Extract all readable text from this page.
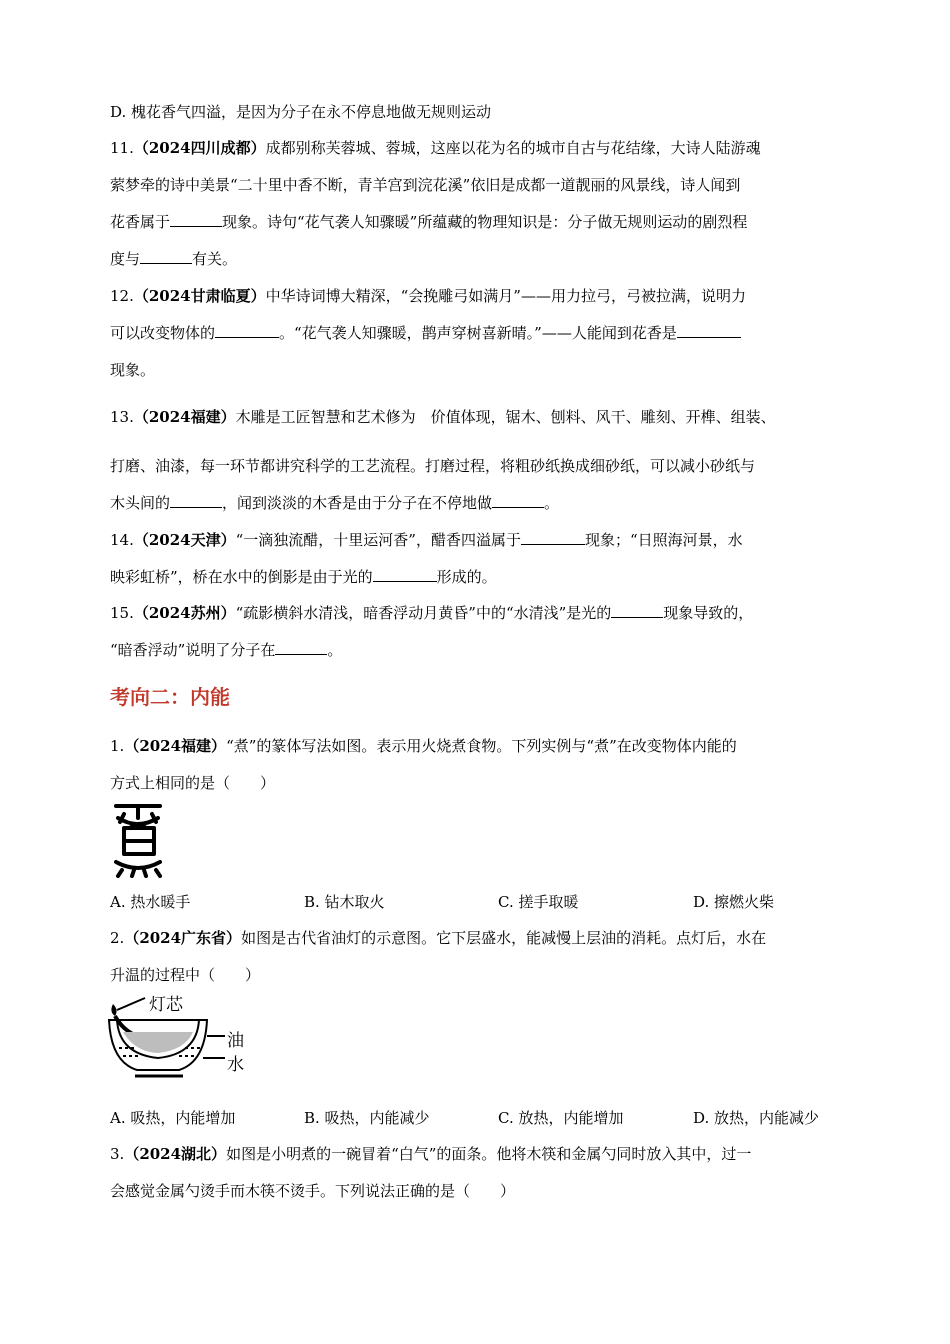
D. 槐花香气四溢，是因为分子在永不停息地做无规则运动
11.（2024四川成都）成都别称芙蓉城、蓉城，这座以花为名的城市自古与花结缘，大诗人陆游魂
萦梦牵的诗中美景“二十里中香不断，青羊宫到浣花溪”依旧是成都一道靓丽的风景线，诗人闻到
花香属于	现象。诗句“花气袭人知骤暖”所蕴藏的物理知识是：分子做无规则运动的剧烈程
度与	有关。
12.（2024甘肃临夏）中华诗词博大精深，“会挽雕弓如满月”——用力拉弓，弓被拉满，说明力
可以改变物体的	。“花气袭人知骤暖，鹊声穿树喜新晴。”——人能闻到花香是
现象。
13.（2024福建）木雕是工匠智慧和艺术修为　价值体现，锯木、刨料、风干、雕刻、开榫、组装、
打磨、油漆，每一环节都讲究科学的工艺流程。打磨过程，将粗砂纸换成细砂纸，可以减小砂纸与
木头间的	，闻到淡淡的木香是由于分子在不停地做	。
14.（2024天津）“一滴独流醋，十里运河香”，醋香四溢属于	现象；“日照海河景，水
映彩虹桥”，桥在水中的倒影是由于光的	形成的。
15.（2024苏州）“疏影横斜水清浅，暗香浮动月黄昏”中的“水清浅”是光的	现象导致的，
“暗香浮动”说明了分子在	。
考向二：内能
1.（2024福建）“煮”的篆体写法如图。表示用火烧煮食物。下列实例与“煮”在改变物体内能的
方式上相同的是（　　）
A. 热水暖手	B. 钻木取火	C. 搓手取暖	D. 擦燃火柴
2.（2024广东省）如图是古代省油灯的示意图。它下层盛水，能减慢上层油的消耗。点灯后，水在
升温的过程中（　　）
灯芯
油
水
A. 吸热，内能增加	B. 吸热，内能减少	C. 放热，内能增加	D. 放热，内能减少
3.（2024湖北）如图是小明煮的一碗冒着“白气”的面条。他将木筷和金属勺同时放入其中，过一
会感觉金属勺烫手而木筷不烫手。下列说法正确的是（　　）
